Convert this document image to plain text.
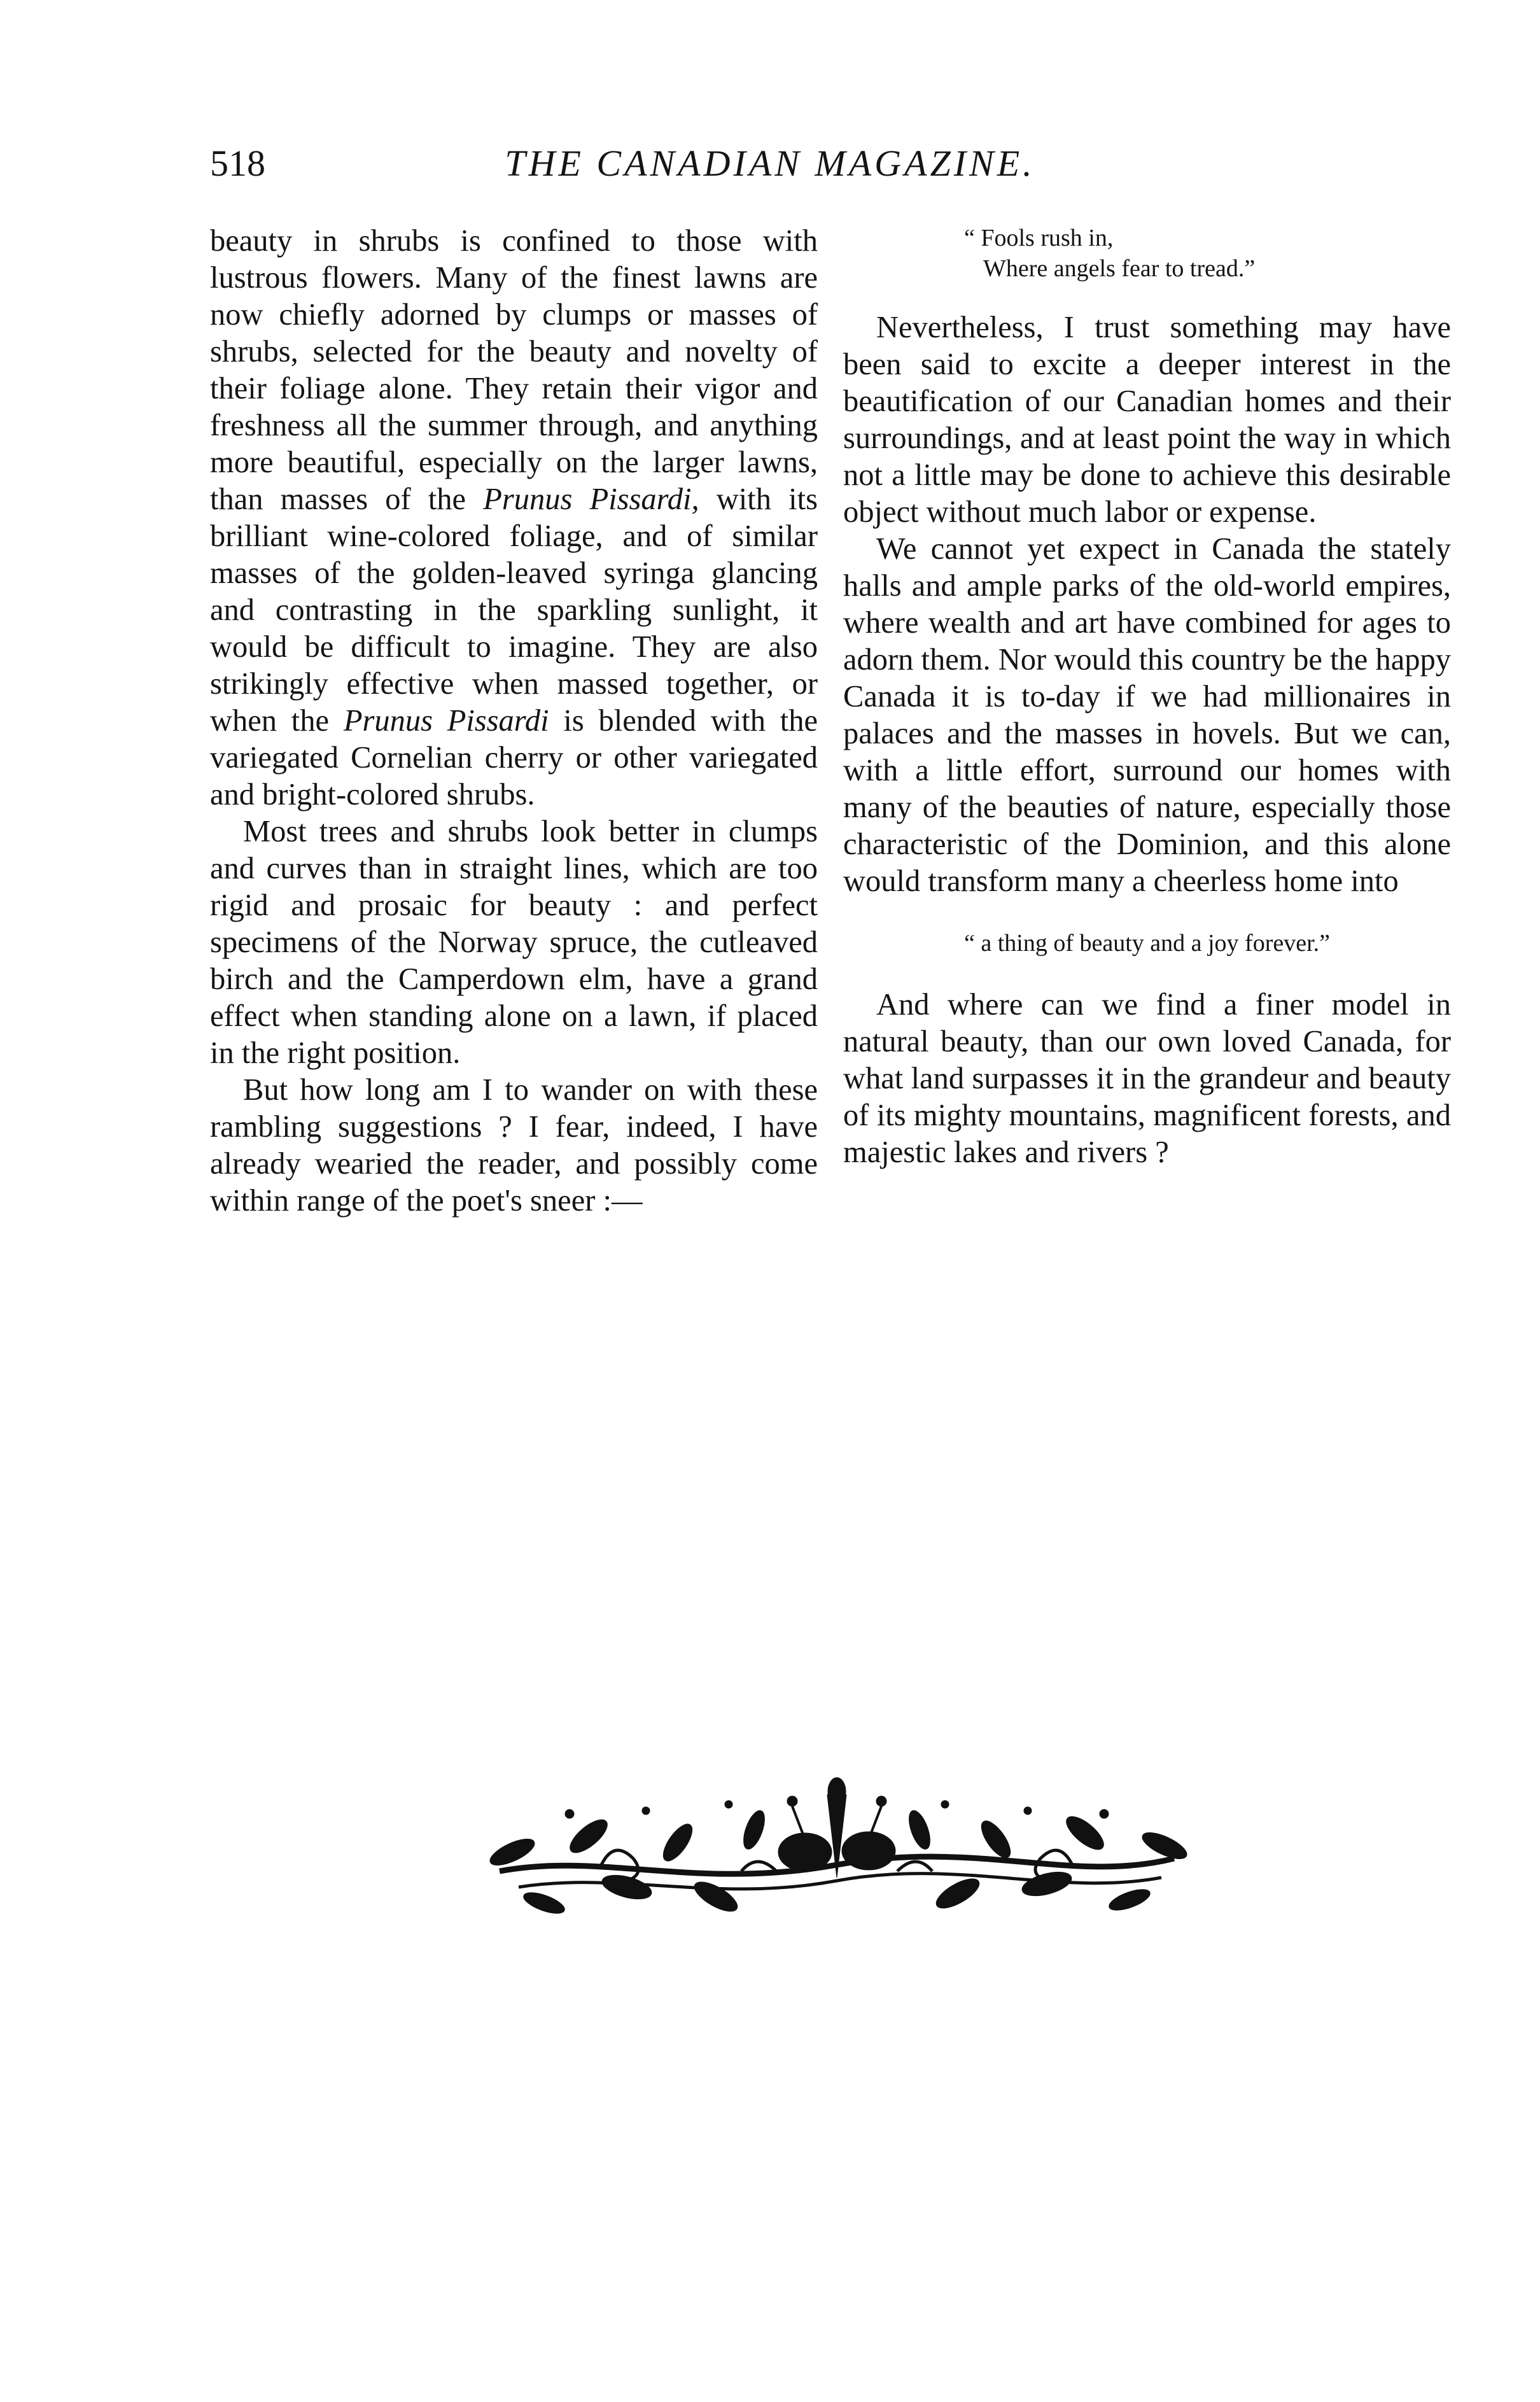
518	THE CANADIAN MAGAZINE.

beauty in shrubs is confined to those with lustrous flowers. Many of the finest lawns are now chiefly adorned by clumps or masses of shrubs, selected for the beauty and novelty of their foliage alone. They retain their vigor and freshness all the summer through, and anything more beautiful, especially on the larger lawns, than masses of the Prunus Pissardi, with its brilliant wine-colored foliage, and of similar masses of the golden-leaved syringa glancing and contrasting in the sparkling sunlight, it would be difficult to imagine. They are also strikingly effective when massed together, or when the Prunus Pissardi is blended with the variegated Cornelian cherry or other variegated and bright-colored shrubs.

Most trees and shrubs look better in clumps and curves than in straight lines, which are too rigid and prosaic for beauty : and perfect specimens of the Norway spruce, the cutleaved birch and the Camperdown elm, have a grand effect when standing alone on a lawn, if placed in the right position.

But how long am I to wander on with these rambling suggestions ? I fear, indeed, I have already wearied the reader, and possibly come within range of the poet's sneer :—

“ Fools rush in,
Where angels fear to tread.”

Nevertheless, I trust something may have been said to excite a deeper interest in the beautification of our Canadian homes and their surroundings, and at least point the way in which not a little may be done to achieve this desirable object without much labor or expense.

We cannot yet expect in Canada the stately halls and ample parks of the old-world empires, where wealth and art have combined for ages to adorn them. Nor would this country be the happy Canada it is to-day if we had millionaires in palaces and the masses in hovels. But we can, with a little effort, surround our homes with many of the beauties of nature, especially those characteristic of the Dominion, and this alone would transform many a cheerless home into

“ a thing of beauty and a joy forever.”

And where can we find a finer model in natural beauty, than our own loved Canada, for what land surpasses it in the grandeur and beauty of its mighty mountains, magnificent forests, and majestic lakes and rivers ?
